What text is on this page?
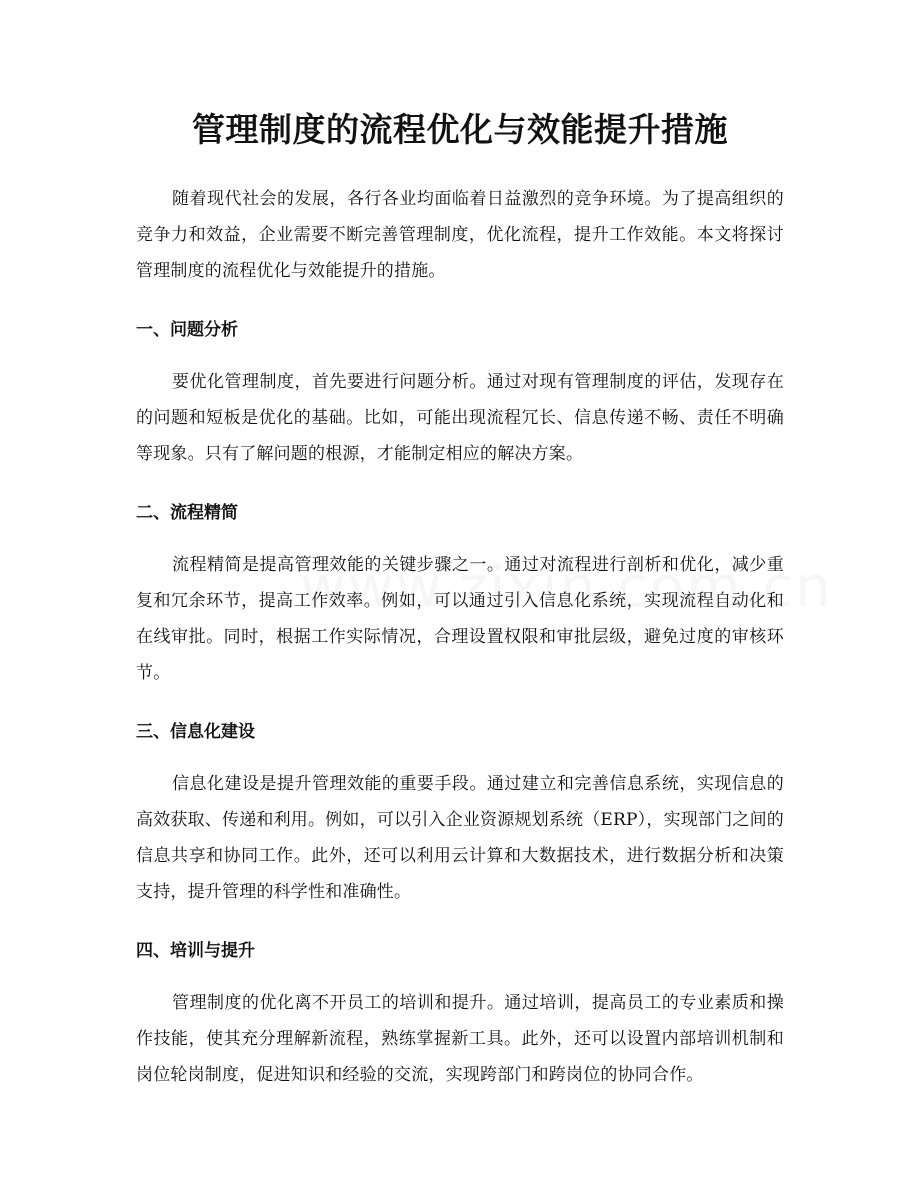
管理制度的流程优化与效能提升措施

随着现代社会的发展，各行各业均面临着日益激烈的竞争环境。为了提高组织的竞争力和效益，企业需要不断完善管理制度，优化流程，提升工作效能。本文将探讨管理制度的流程优化与效能提升的措施。

一、问题分析

要优化管理制度，首先要进行问题分析。通过对现有管理制度的评估，发现存在的问题和短板是优化的基础。比如，可能出现流程冗长、信息传递不畅、责任不明确等现象。只有了解问题的根源，才能制定相应的解决方案。

二、流程精简

流程精简是提高管理效能的关键步骤之一。通过对流程进行剖析和优化，减少重复和冗余环节，提高工作效率。例如，可以通过引入信息化系统，实现流程自动化和在线审批。同时，根据工作实际情况，合理设置权限和审批层级，避免过度的审核环节。

三、信息化建设

信息化建设是提升管理效能的重要手段。通过建立和完善信息系统，实现信息的高效获取、传递和利用。例如，可以引入企业资源规划系统（ERP），实现部门之间的信息共享和协同工作。此外，还可以利用云计算和大数据技术，进行数据分析和决策支持，提升管理的科学性和准确性。

四、培训与提升

管理制度的优化离不开员工的培训和提升。通过培训，提高员工的专业素质和操作技能，使其充分理解新流程，熟练掌握新工具。此外，还可以设置内部培训机制和岗位轮岗制度，促进知识和经验的交流，实现跨部门和跨岗位的协同合作。
